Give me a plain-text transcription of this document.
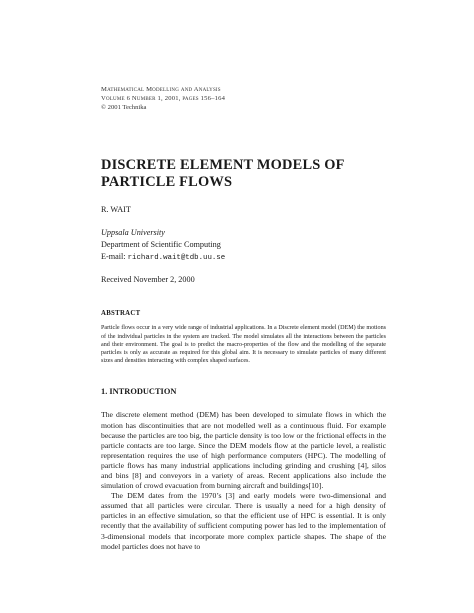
Mathematical Modelling and Analysis

Volume 6 Number 1, 2001, pages 156–164

© 2001 Technika

DISCRETE ELEMENT MODELS OF
PARTICLE FLOWS

R. WAIT

Uppsala University

Department of Scientific Computing

E-mail: richard.wait@tdb.uu.se

Received November 2, 2000

ABSTRACT

Particle flows occur in a very wide range of industrial applications. In a Discrete element model (DEM) the motions of the individual particles in the system are tracked. The model simulates all the interactions between the particles and their environment. The goal is to predict the macro-properties of the flow and the modelling of the separate particles is only as accurate as required for this global aim. It is necessary to simulate particles of many different sizes and densities interacting with complex shaped surfaces.

1. INTRODUCTION

The discrete element method (DEM) has been developed to simulate flows in which the motion has discontinuities that are not modelled well as a continuous fluid. For example because the particles are too big, the particle density is too low or the frictional effects in the particle contacts are too large. Since the DEM models flow at the particle level, a realistic representation requires the use of high performance computers (HPC). The modelling of particle flows has many industrial applications including grinding and crushing [4], silos and bins [8] and conveyors in a variety of areas. Recent applications also include the simulation of crowd evacuation from burning aircraft and buildings[10].

The DEM dates from the 1970’s [3] and early models were two-dimensional and assumed that all particles were circular. There is usually a need for a high density of particles in an effective simulation, so that the efficient use of HPC is essential. It is only recently that the availability of sufficient computing power has led to the implementation of 3-dimensional models that incorporate more complex particle shapes. The shape of the model particles does not have to
